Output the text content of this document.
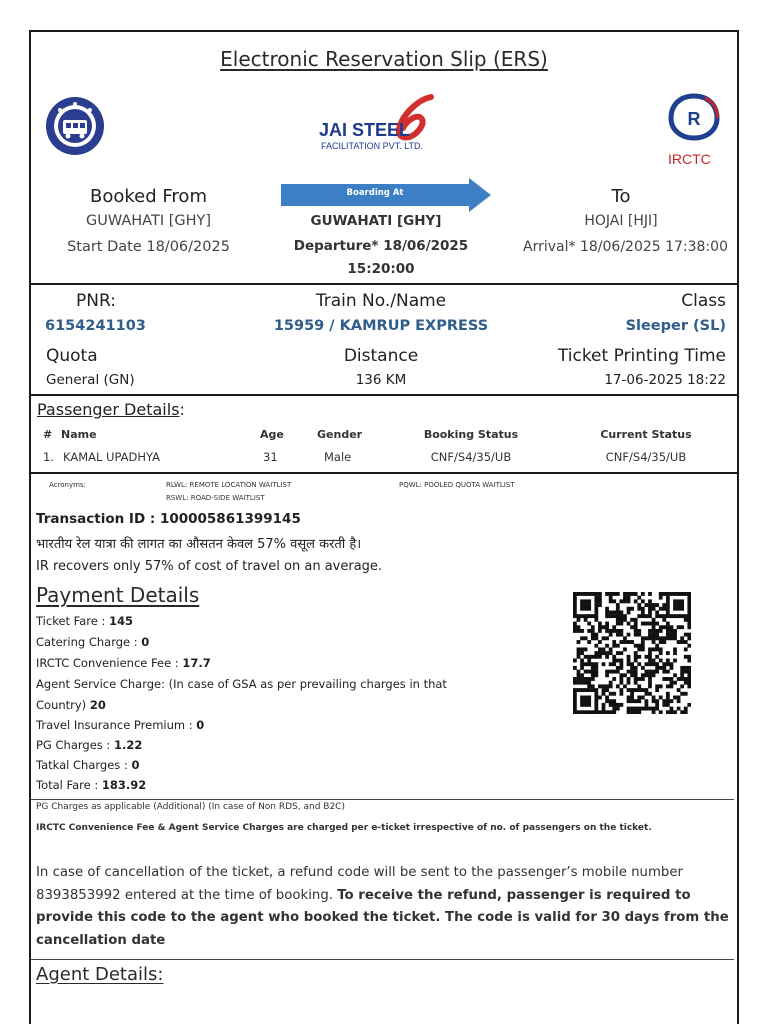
Electronic Reservation Slip (ERS)
JAI STEEL
FACILITATION PVT. LTD.
R
IRCTC
Booked From
GUWAHATI [GHY]
Start Date 18/06/2025
Boarding At
GUWAHATI [GHY]
Departure* 18/06/2025
15:20:00
To
HOJAI [HJI]
Arrival* 18/06/2025 17:38:00
PNR:
6154241103
Train No./Name
15959 / KAMRUP EXPRESS
Class
Sleeper (SL)
Quota
General (GN)
Distance
136 KM
Ticket Printing Time
17-06-2025 18:22
Passenger Details:
# Name	Age	Gender	Booking Status	Current Status
1. KAMAL UPADHYA	31	Male	CNF/S4/35/UB	CNF/S4/35/UB
Acronyms:	RLWL: REMOTE LOCATION WAITLIST
RSWL: ROAD-SIDE WAITLIST
PQWL: POOLED QUOTA WAITLIST
Transaction ID : 100005861399145
भारतीय रेल यात्रा की लागत का औसतन केवल 57% वसूल करती है।
IR recovers only 57% of cost of travel on an average.
Payment Details
Ticket Fare : 145
Catering Charge : 0
IRCTC Convenience Fee : 17.7
Agent Service Charge: (In case of GSA as per prevailing charges in that
Country) 20
Travel Insurance Premium : 0
PG Charges : 1.22
Tatkal Charges : 0
Total Fare : 183.92
PG Charges as applicable (Additional) (In case of Non RDS, and B2C)
IRCTC Convenience Fee & Agent Service Charges are charged per e-ticket irrespective of no. of passengers on the ticket.
In case of cancellation of the ticket, a refund code will be sent to the passenger’s mobile number 8393853992 entered at the time of booking. To receive the refund, passenger is required to provide this code to the agent who booked the ticket. The code is valid for 30 days from the cancellation date
Agent Details:
